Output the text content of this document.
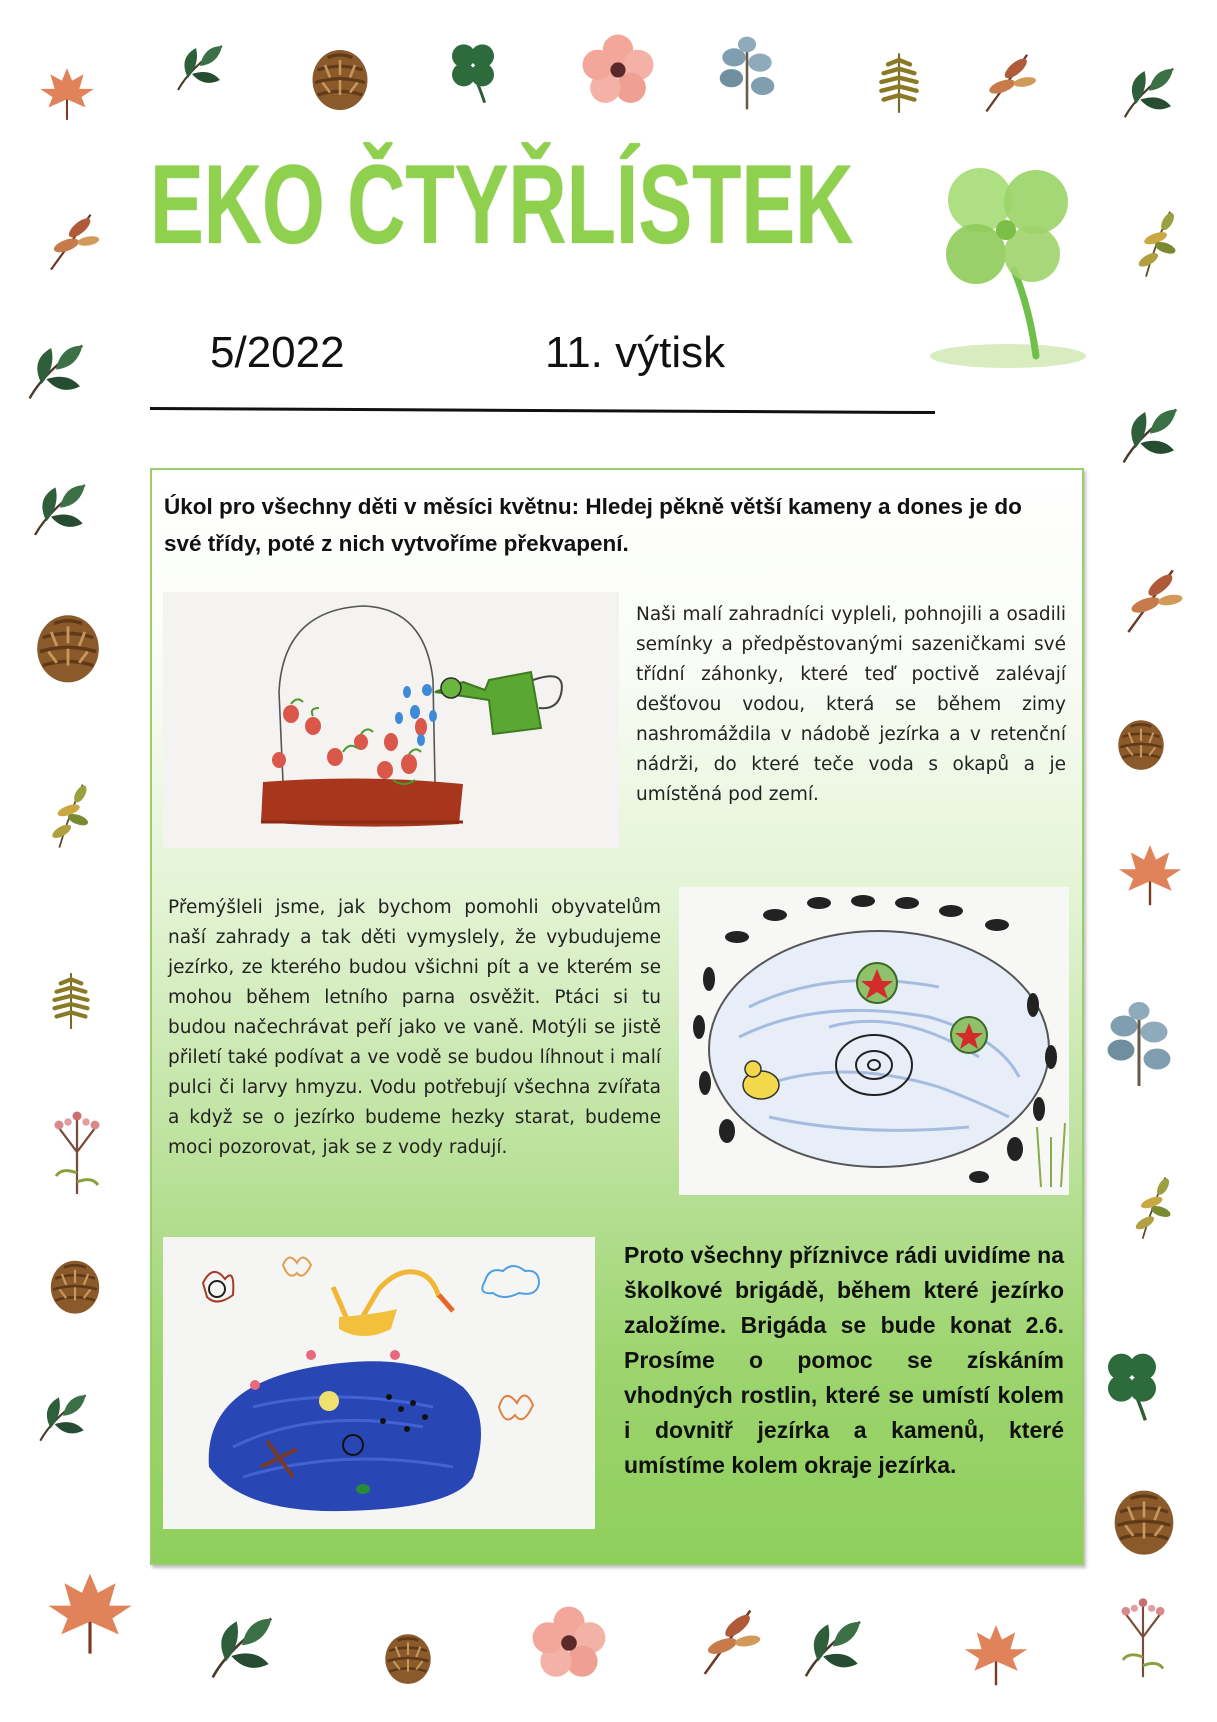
EKO ČTYŘLÍSTEK
5/2022	11. výtisk
Úkol pro všechny děti v měsíci květnu: Hledej pěkně větší kameny a dones je do své třídy, poté z nich vytvoříme překvapení.
Naši malí zahradníci vypleli, pohnojili a osadili semínky a předpěstovanými sazeničkami své třídní záhonky, které teď poctivě zalévají dešťovou vodou, která se během zimy nashromáždila v nádobě jezírka a v retenční nádrži, do které teče voda s okapů a je umístěná pod zemí.
Přemýšleli jsme, jak bychom pomohli obyvatelům naší zahrady a tak děti vymyslely, že vybudujeme jezírko, ze kterého budou všichni pít a ve kterém se mohou během letního parna osvěžit. Ptáci si tu budou načechrávat peří jako ve vaně. Motýli se jistě přiletí také podívat a ve vodě se budou líhnout i malí pulci či larvy hmyzu. Vodu potřebují všechna zvířata a když se o jezírko budeme hezky starat, budeme moci pozorovat, jak se z vody radují.
Proto všechny příznivce rádi uvidíme na školkové brigádě, během které jezírko založíme. Brigáda se bude konat 2.6. Prosíme o pomoc se získáním vhodných rostlin, které se umístí kolem i dovnitř jezírka a kamenů, které umístíme kolem okraje jezírka.
